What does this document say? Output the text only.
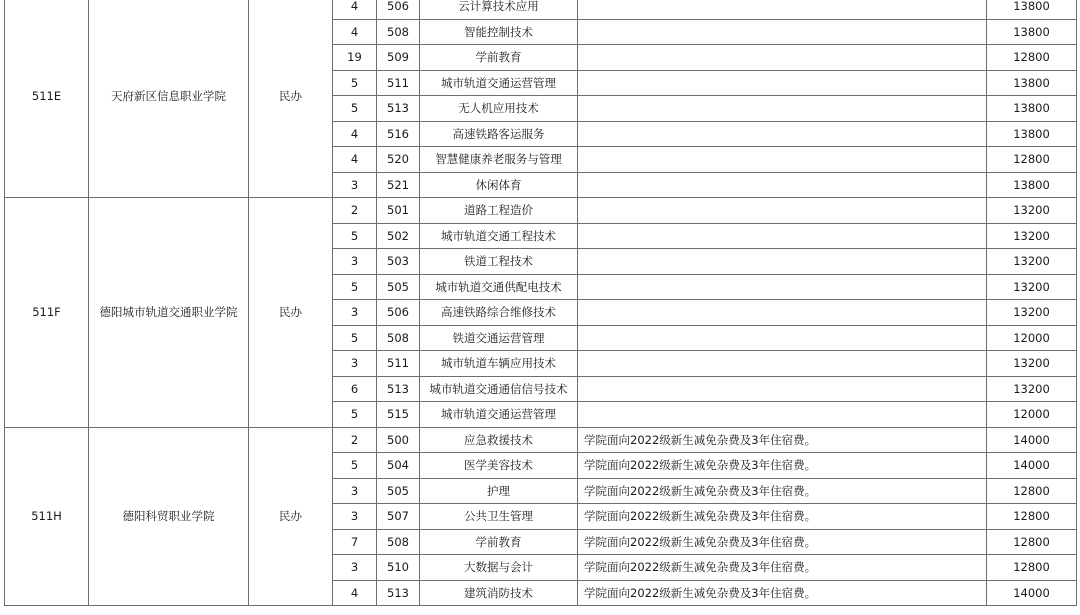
511E	天府新区信息职业学院	民办	4	506	云计算技术应用		13800
			4	508	智能控制技术		13800
			19	509	学前教育		12800
			5	511	城市轨道交通运营管理		13800
			5	513	无人机应用技术		13800
			4	516	高速铁路客运服务		13800
			4	520	智慧健康养老服务与管理		12800
			3	521	休闲体育		13800
511F	德阳城市轨道交通职业学院	民办	2	501	道路工程造价		13200
			5	502	城市轨道交通工程技术		13200
			3	503	铁道工程技术		13200
			5	505	城市轨道交通供配电技术		13200
			3	506	高速铁路综合维修技术		13200
			5	508	铁道交通运营管理		12000
			3	511	城市轨道车辆应用技术		13200
			6	513	城市轨道交通通信信号技术		13200
			5	515	城市轨道交通运营管理		12000
511H	德阳科贸职业学院	民办	2	500	应急救援技术	学院面向2022级新生减免杂费及3年住宿费。	14000
			5	504	医学美容技术	学院面向2022级新生减免杂费及3年住宿费。	14000
			3	505	护理	学院面向2022级新生减免杂费及3年住宿费。	12800
			3	507	公共卫生管理	学院面向2022级新生减免杂费及3年住宿费。	12800
			7	508	学前教育	学院面向2022级新生减免杂费及3年住宿费。	12800
			3	510	大数据与会计	学院面向2022级新生减免杂费及3年住宿费。	12800
			4	513	建筑消防技术	学院面向2022级新生减免杂费及3年住宿费。	14000
